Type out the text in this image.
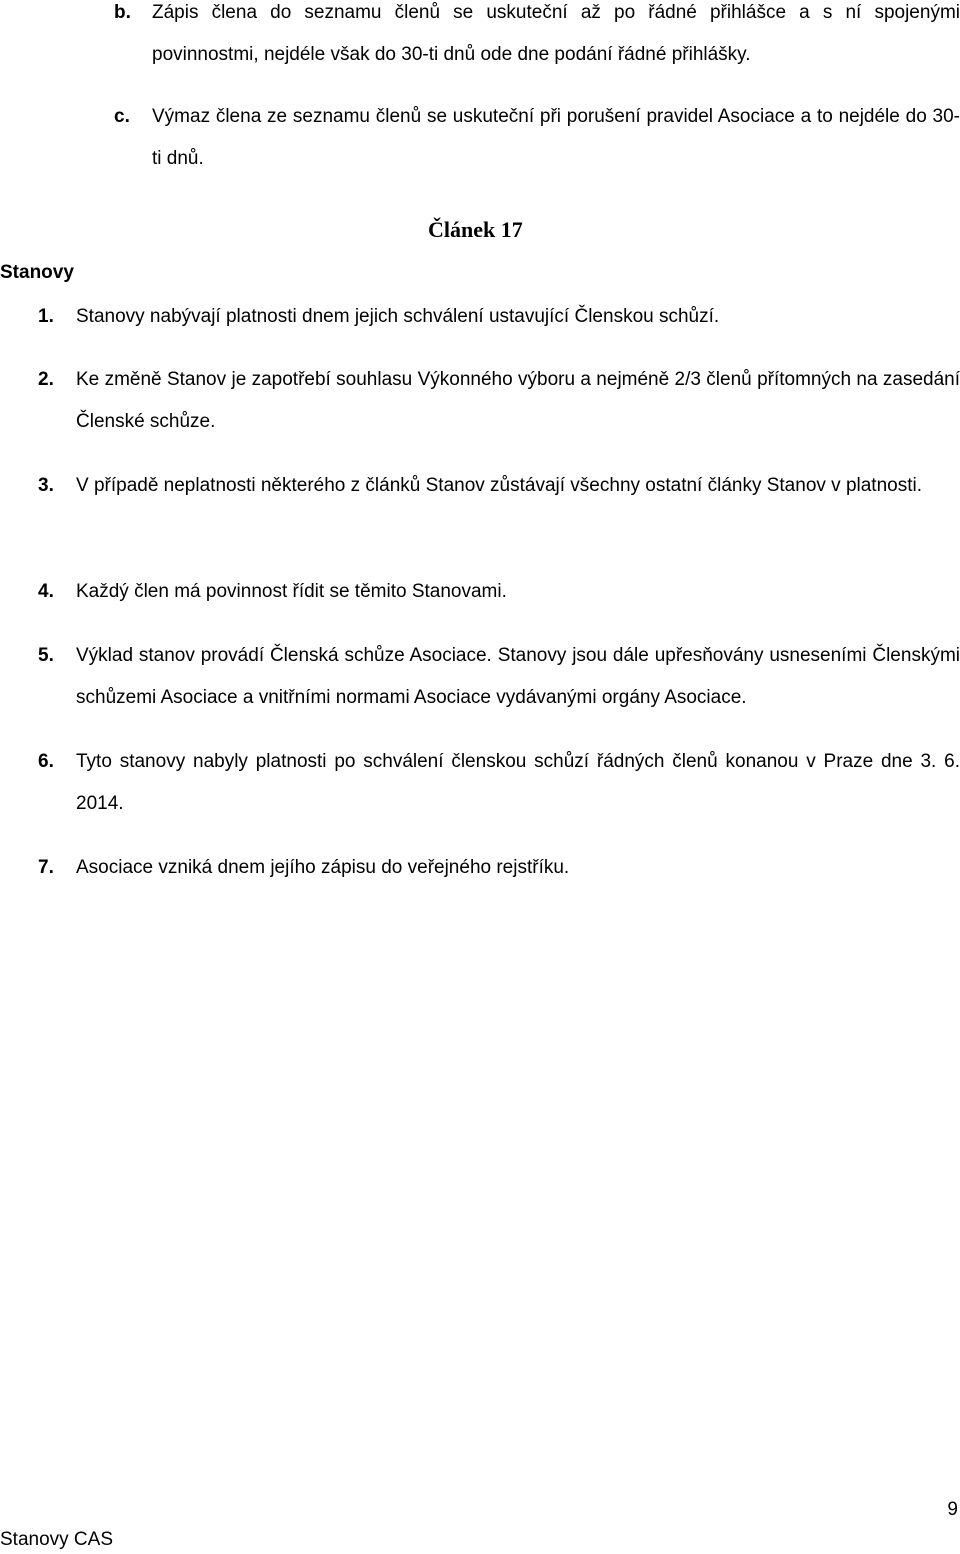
b. Zápis člena do seznamu členů se uskuteční až po řádné přihlášce a s ní spojenými povinnostmi, nejdéle však do 30-ti dnů ode dne podání řádné přihlášky.
c. Výmaz člena ze seznamu členů se uskuteční při porušení pravidel Asociace a to nejdéle do 30-ti dnů.
Článek 17
Stanovy
1. Stanovy nabývají platnosti dnem jejich schválení ustavující Členskou schůzí.
2. Ke změně Stanov je zapotřebí souhlasu Výkonného výboru a nejméně 2/3 členů přítomných na zasedání Členské schůze.
3. V případě neplatnosti některého z článků Stanov zůstávají všechny ostatní články Stanov v platnosti.
4. Každý člen má povinnost řídit se těmito Stanovami.
5. Výklad stanov provádí Členská schůze Asociace. Stanovy jsou dále upřesňovány usneseními Členskými schůzemi Asociace a vnitřními normami Asociace vydávanými orgány Asociace.
6. Tyto stanovy nabyly platnosti po schválení členskou schůzí řádných členů konanou v Praze dne 3. 6. 2014.
7. Asociace vzniká dnem jejího zápisu do veřejného rejstříku.
Stanovy CAS
9
